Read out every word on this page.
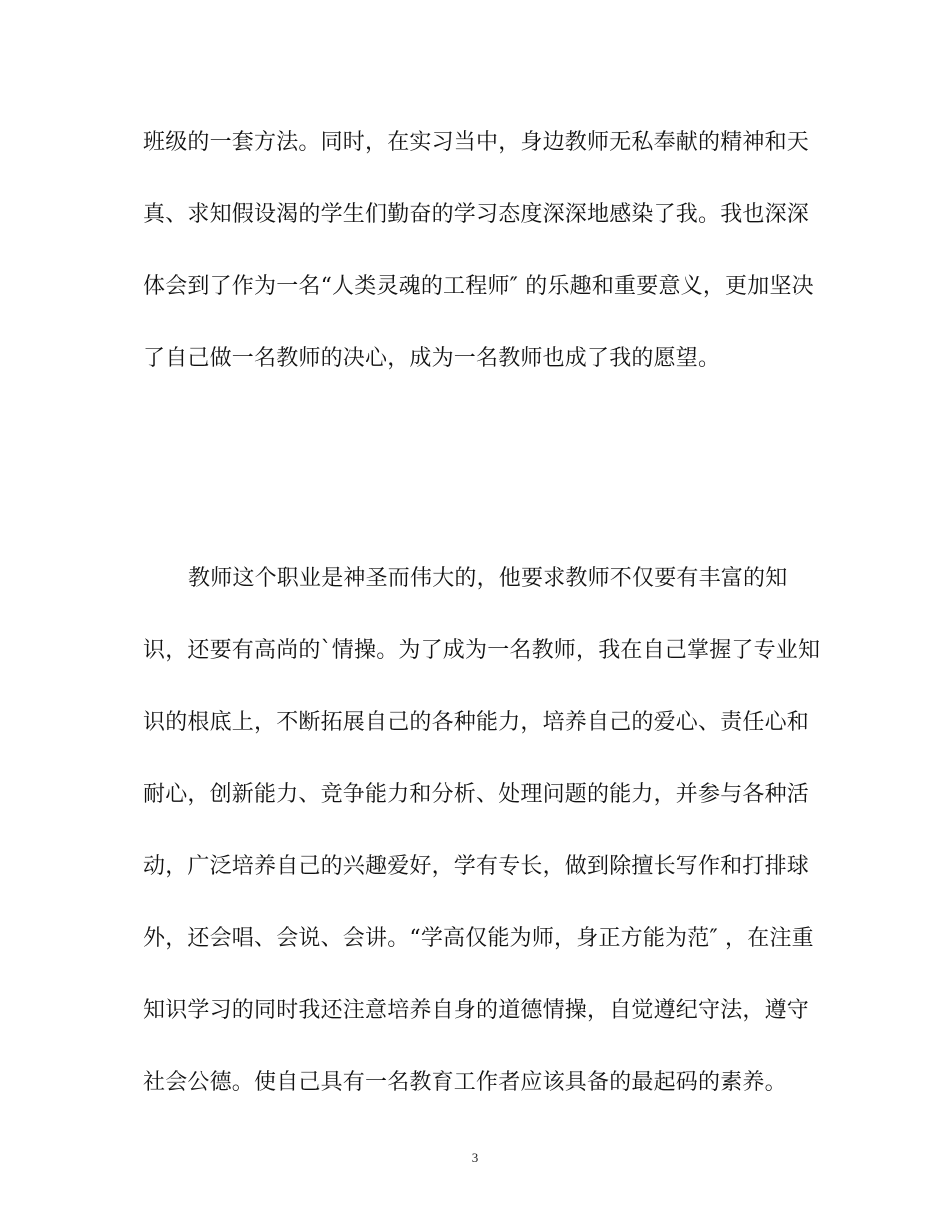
班级的一套方法。同时，在实习当中，身边教师无私奉献的精神和天
真、求知假设渴的学生们勤奋的学习态度深深地感染了我。我也深深
体会到了作为一名“人类灵魂的工程师″ 的乐趣和重要意义，更加坚决
了自己做一名教师的决心，成为一名教师也成了我的愿望。
教师这个职业是神圣而伟大的，他要求教师不仅要有丰富的知
识，还要有高尚的`情操。为了成为一名教师，我在自己掌握了专业知
识的根底上，不断拓展自己的各种能力，培养自己的爱心、责任心和
耐心，创新能力、竞争能力和分析、处理问题的能力，并参与各种活
动，广泛培养自己的兴趣爱好，学有专长，做到除擅长写作和打排球
外，还会唱、会说、会讲。“学高仅能为师，身正方能为范″ ，在注重
知识学习的同时我还注意培养自身的道德情操，自觉遵纪守法，遵守
社会公德。使自己具有一名教育工作者应该具备的最起码的素养。
3
